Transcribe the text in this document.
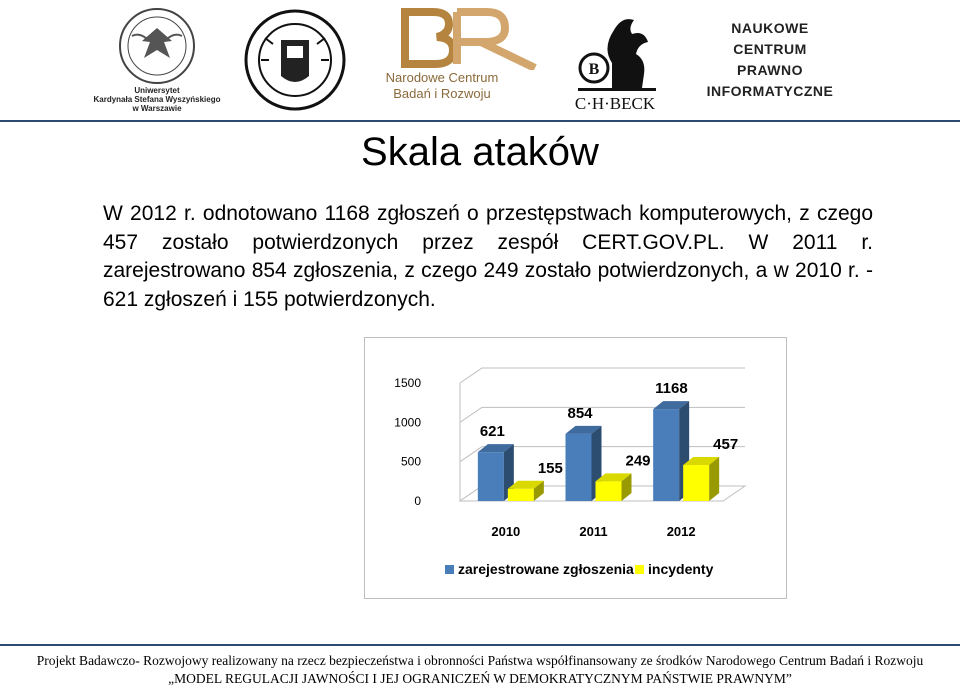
Uniwersytet
Kardynała Stefana Wyszyńskiego
w Warszawie
Narodowe Centrum
Badań i Rozwoju
B
C·H·BECK
NAUKOWE
CENTRUM
PRAWNO
INFORMATYCZNE
Skala ataków
W 2012 r. odnotowano 1168 zgłoszeń o przestępstwach komputerowych, z czego 457 zostało potwierdzonych przez zespół CERT.GOV.PL. W 2011 r. zarejestrowano 854 zgłoszenia, z czego 249 zostało potwierdzonych, a w 2010 r. - 621 zgłoszeń i 155 potwierdzonych.
0
500
1000
1500
621
155
2010
854
249
2011
1168
457
2012
zarejestrowane zgłoszenia incydenty
Projekt Badawczo- Rozwojowy realizowany na rzecz bezpieczeństwa i obronności Państwa współfinansowany ze środków Narodowego Centrum Badań i Rozwoju
„MODEL REGULACJI JAWNOŚCI I JEJ OGRANICZEŃ W DEMOKRATYCZNYM PAŃSTWIE PRAWNYM”
